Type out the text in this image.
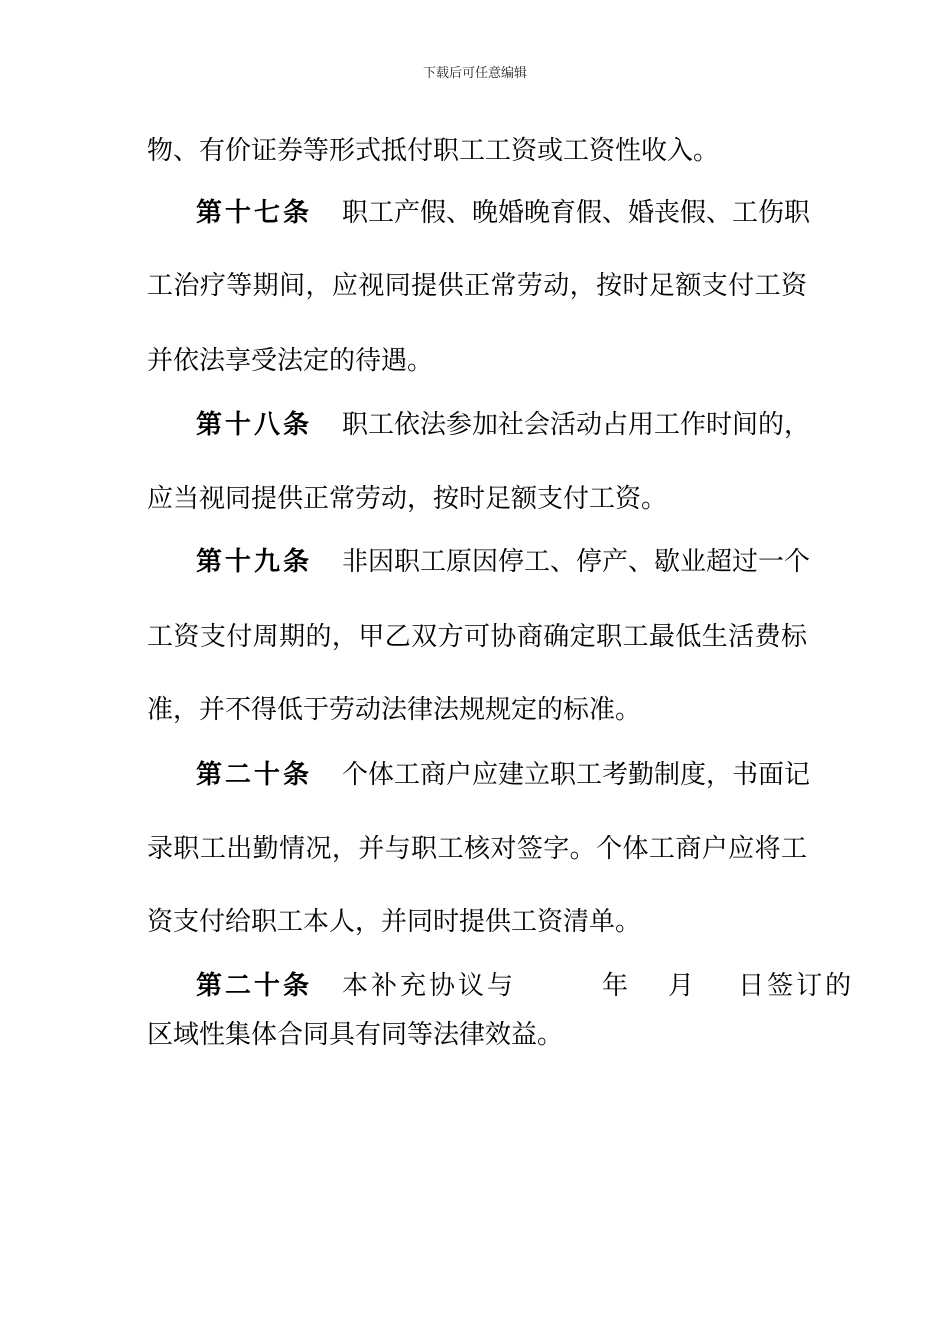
下载后可任意编辑
物、有价证券等形式抵付职工工资或工资性收入。
第十七条 职工产假、晚婚晚育假、婚丧假、工伤职
工治疗等期间，应视同提供正常劳动，按时足额支付工资
并依法享受法定的待遇。
第十八条 职工依法参加社会活动占用工作时间的，
应当视同提供正常劳动，按时足额支付工资。
第十九条 非因职工原因停工、停产、歇业超过一个
工资支付周期的，甲乙双方可协商确定职工最低生活费标
准，并不得低于劳动法律法规规定的标准。
第二十条 个体工商户应建立职工考勤制度，书面记
录职工出勤情况，并与职工核对签字。个体工商户应将工
资支付给职工本人，并同时提供工资清单。
第二十条 本补充协议与	年 月 日签订的
区域性集体合同具有同等法律效益。
